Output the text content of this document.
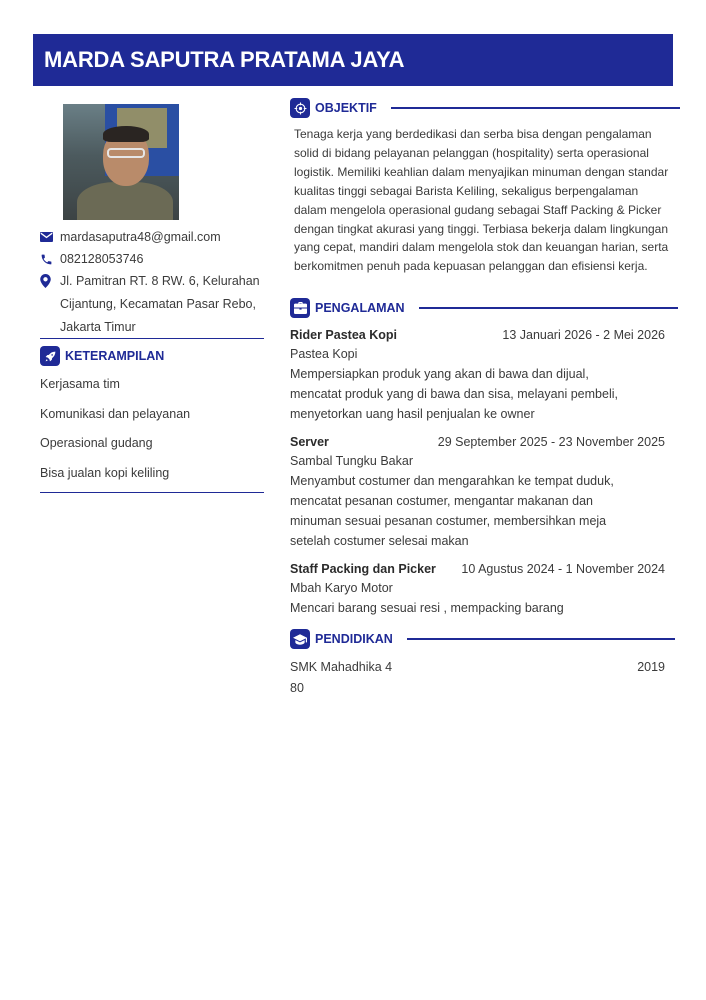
MARDA SAPUTRA PRATAMA JAYA
mardasaputra48@gmail.com
082128053746
Jl. Pamitran RT. 8 RW. 6, Kelurahan Cijantung, Kecamatan Pasar Rebo, Jakarta Timur
KETERAMPILAN
Kerjasama tim
Komunikasi dan pelayanan
Operasional gudang
Bisa jualan kopi keliling
OBJEKTIF
Tenaga kerja yang berdedikasi dan serba bisa dengan pengalaman solid di bidang pelayanan pelanggan (hospitality) serta operasional logistik. Memiliki keahlian dalam menyajikan minuman dengan standar kualitas tinggi sebagai Barista Keliling, sekaligus berpengalaman dalam mengelola operasional gudang sebagai Staff Packing & Picker dengan tingkat akurasi yang tinggi. Terbiasa bekerja dalam lingkungan yang cepat, mandiri dalam mengelola stok dan keuangan harian, serta berkomitmen penuh pada kepuasan pelanggan dan efisiensi kerja.
PENGALAMAN
Rider Pastea Kopi	13 Januari 2026 - 2 Mei 2026
Pastea Kopi
Mempersiapkan produk yang akan di bawa dan dijual, mencatat produk yang di bawa dan sisa, melayani pembeli, menyetorkan uang hasil penjualan ke owner
Server	29 September 2025 - 23 November 2025
Sambal Tungku Bakar
Menyambut costumer dan mengarahkan ke tempat duduk, mencatat pesanan costumer, mengantar makanan dan minuman sesuai pesanan costumer, membersihkan meja setelah costumer selesai makan
Staff Packing dan Picker 10 Agustus 2024 - 1 November 2024
Mbah Karyo Motor
Mencari barang sesuai resi , mempacking barang
PENDIDIKAN
SMK Mahadhika 4	2019
80
